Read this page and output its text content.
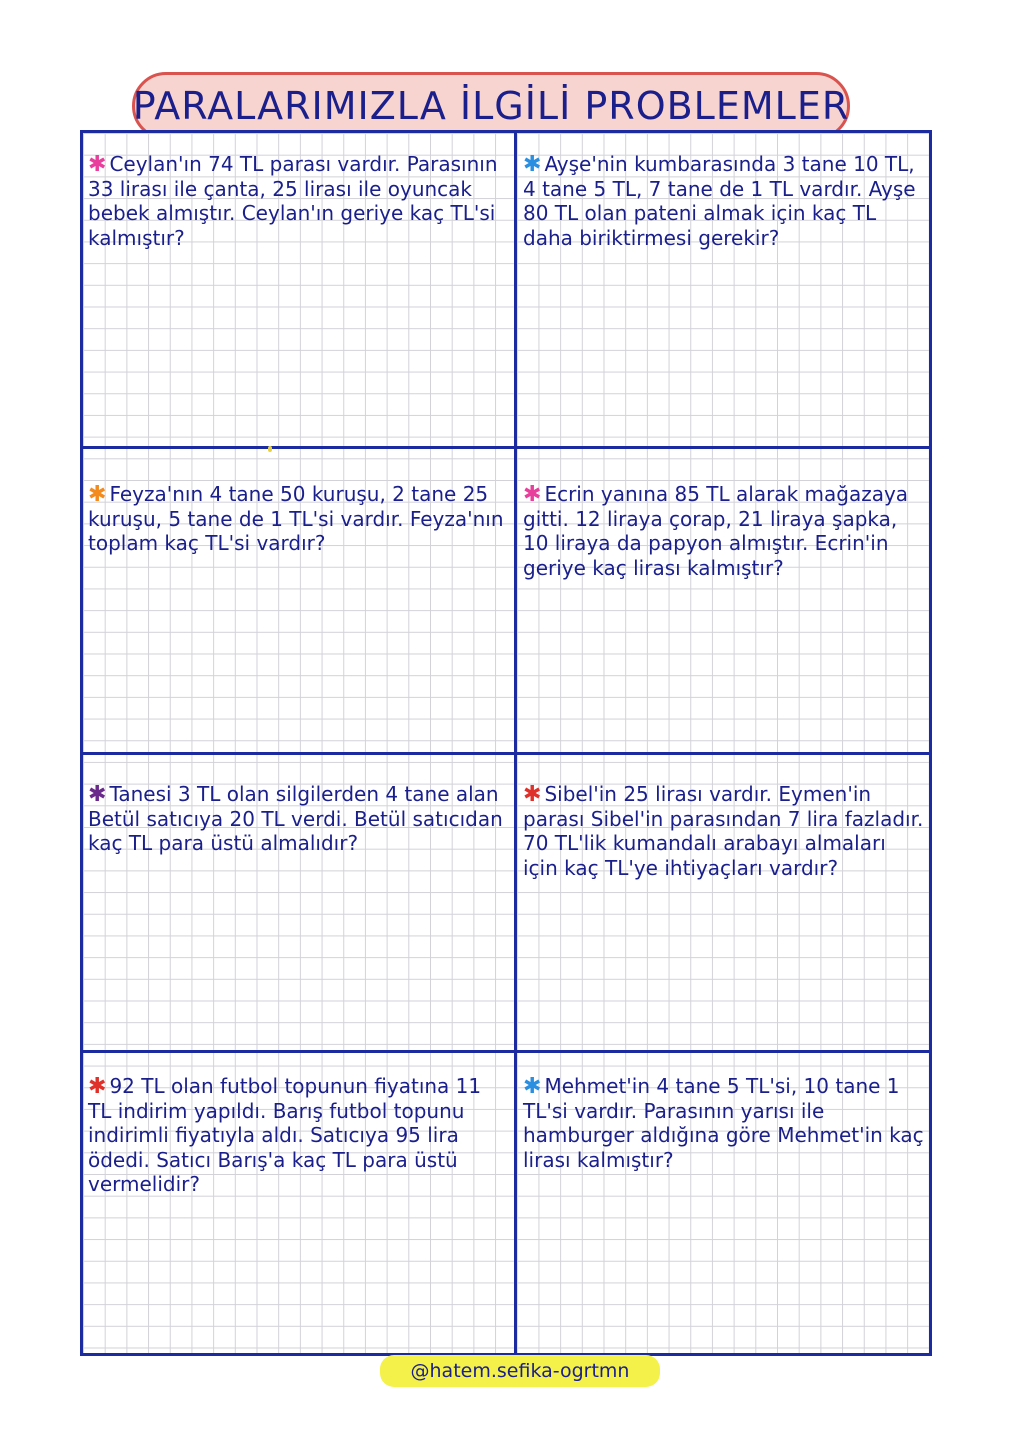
PARALARIMIZLA İLGİLİ PROBLEMLER

✱ Ceylan'ın 74 TL parası vardır. Parasının 33 lirası ile çanta, 25 lirası ile oyuncak bebek almıştır. Ceylan'ın geriye kaç TL'si kalmıştır?

✱ Ayşe'nin kumbarasında 3 tane 10 TL, 4 tane 5 TL, 7 tane de 1 TL vardır. Ayşe 80 TL olan pateni almak için kaç TL daha biriktirmesi gerekir?

✱ Feyza'nın 4 tane 50 kuruşu, 2 tane 25 kuruşu, 5 tane de 1 TL'si vardır. Feyza'nın toplam kaç TL'si vardır?

✱ Ecrin yanına 85 TL alarak mağazaya gitti. 12 liraya çorap, 21 liraya şapka, 10 liraya da papyon almıştır. Ecrin'in geriye kaç lirası kalmıştır?

✱ Tanesi 3 TL olan silgilerden 4 tane alan Betül satıcıya 20 TL verdi. Betül satıcıdan kaç TL para üstü almalıdır?

✱ Sibel'in 25 lirası vardır. Eymen'in parası Sibel'in parasından 7 lira fazladır. 70 TL'lik kumandalı arabayı almaları için kaç TL'ye ihtiyaçları vardır?

✱ 92 TL olan futbol topunun fiyatına 11 TL indirim yapıldı. Barış futbol topunu indirimli fiyatıyla aldı. Satıcıya 95 lira ödedi. Satıcı Barış'a kaç TL para üstü vermelidir?

✱ Mehmet'in 4 tane 5 TL'si, 10 tane 1 TL'si vardır. Parasının yarısı ile hamburger aldığına göre Mehmet'in kaç lirası kalmıştır?

@hatem.sefika-ogrtmn
